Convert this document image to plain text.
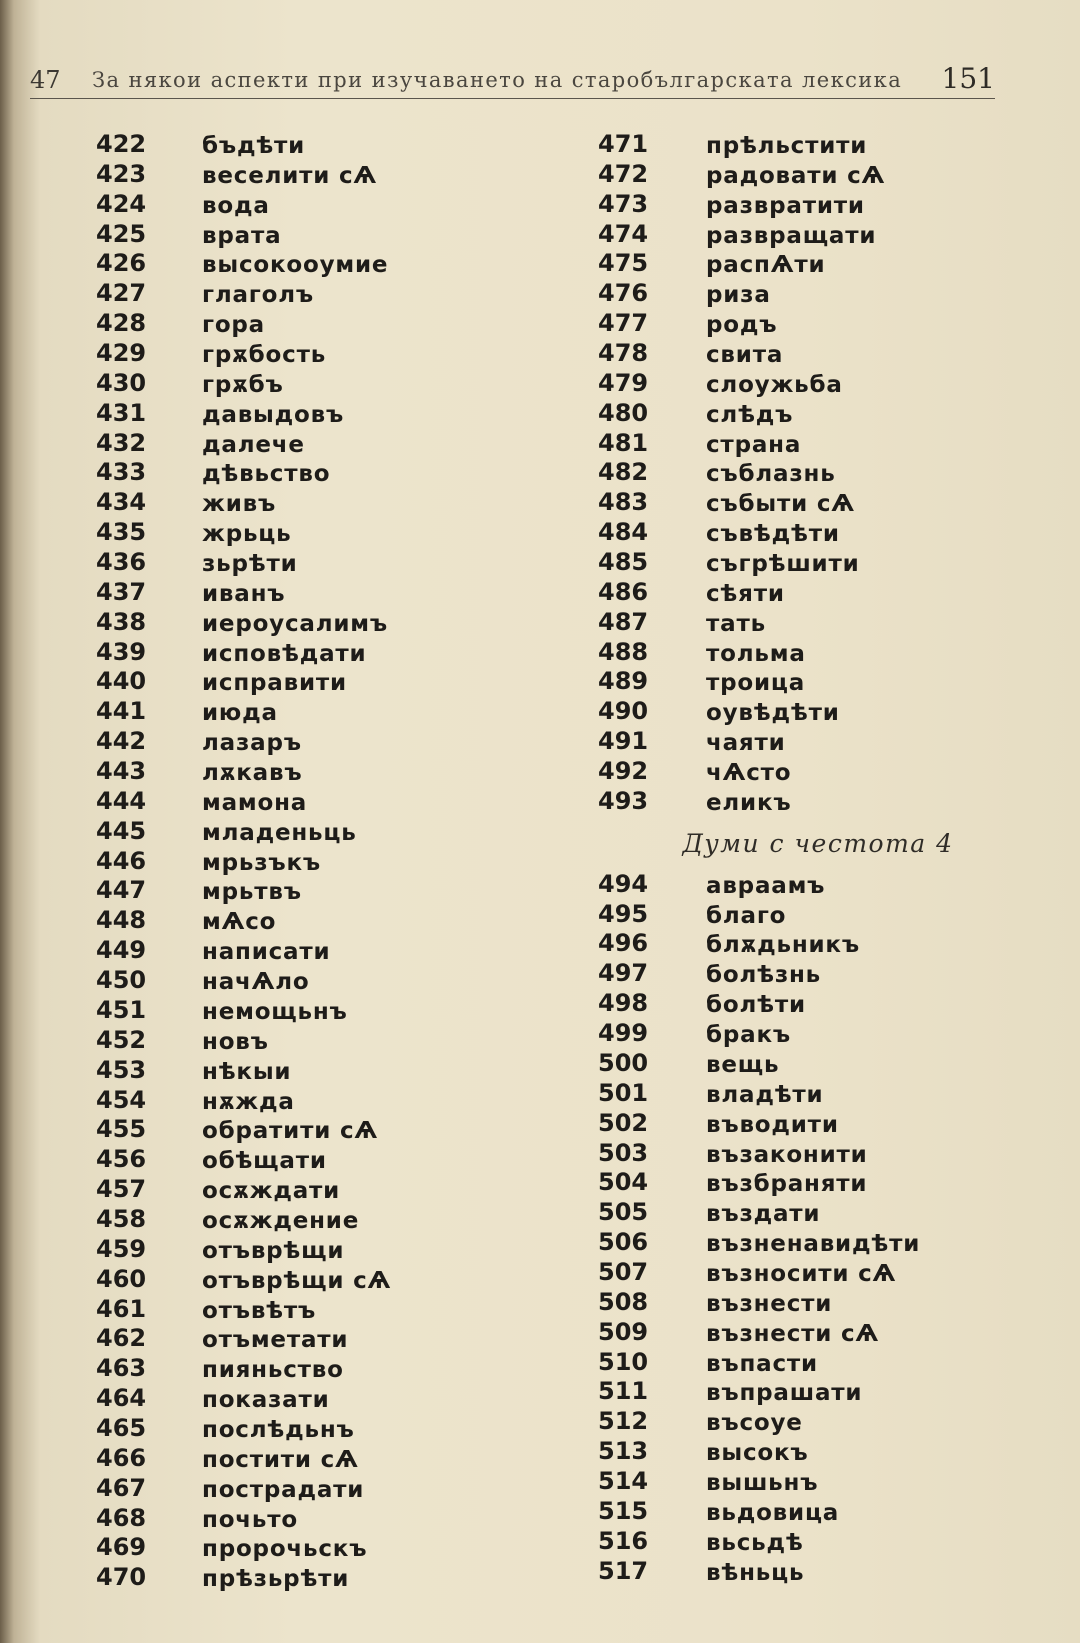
47 За някои аспекти при изучаването на старобългарската лексика 151
422 бъдѣти
423 веселити сѦ
424 вода
425 врата
426 высокооумие
427 глаголъ
428 гора
429 грѫбость
430 грѫбъ
431 давыдовъ
432 далече
433 дѣвьство
434 живъ
435 жрьць
436 зьрѣти
437 иванъ
438 иероусалимъ
439 исповѣдати
440 исправити
441 июда
442 лазаръ
443 лѫкавъ
444 мамона
445 младеньць
446 мрьзъкъ
447 мрьтвъ
448 мѦсо
449 написати
450 начѦло
451 немощьнъ
452 новъ
453 нѣкыи
454 нѫжда
455 обратити сѦ
456 обѣщати
457 осѫждати
458 осѫждение
459 отъврѣщи
460 отъврѣщи сѦ
461 отъвѣтъ
462 отъметати
463 пияньство
464 показати
465 послѣдьнъ
466 постити сѦ
467 пострадати
468 почьто
469 пророчьскъ
470 прѣзьрѣти
471	прѣльстити
472	радовати сѦ
473	развратити
474	развращати
475	распѦти
476	риза
477	родъ
478	свита
479	слоужьба
480	слѣдъ
481	страна
482	съблазнь
483	събыти сѦ
484	съвѣдѣти
485	съгрѣшити
486	сѣяти
487	тать
488	тольма
489	троица
490	оувѣдѣти
491	чаяти
492	чѦсто
493	еликъ
Думи с честота 4
494	авраамъ
495	благо
496	блѫдьникъ
497	болѣзнь
498	болѣти
499	бракъ
500	вещь
501	владѣти
502	въводити
503	възаконити
504	възбраняти
505	въздати
506	възненавидѣти
507	възносити сѦ
508	възнести
509	възнести сѦ
510	въпасти
511	въпрашати
512	въсоуе
513	высокъ
514	вышьнъ
515	вьдовица
516	вьсьдѣ
517	вѣньць
